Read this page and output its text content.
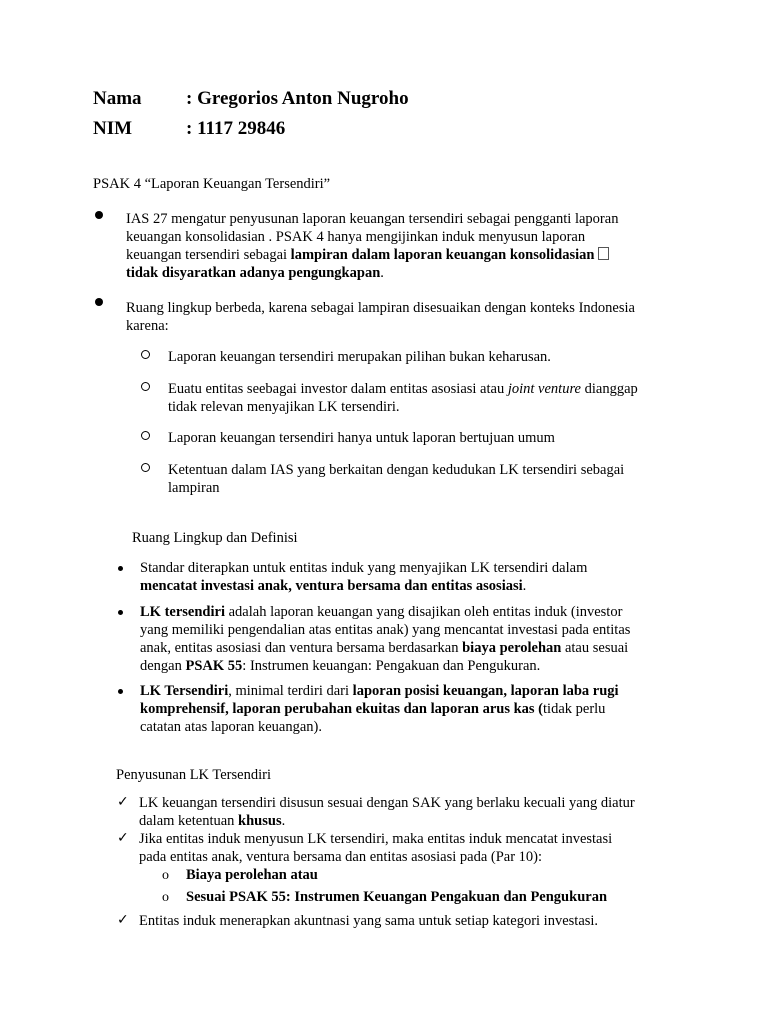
Nama : Gregorios Anton Nugroho
NIM	: 1117 29846
PSAK 4 “Laporan Keuangan Tersendiri”
IAS 27 mengatur penyusunan laporan keuangan tersendiri sebagai pengganti laporan
keuangan konsolidasian . PSAK 4 hanya mengijinkan induk menyusun laporan
keuangan tersendiri sebagai lampiran dalam laporan keuangan konsolidasian
tidak disyaratkan adanya pengungkapan.
Ruang lingkup berbeda, karena sebagai lampiran disesuaikan dengan konteks Indonesia
karena:
Laporan keuangan tersendiri merupakan pilihan bukan keharusan.
Euatu entitas seebagai investor dalam entitas asosiasi atau joint venture dianggap
tidak relevan menyajikan LK tersendiri.
Laporan keuangan tersendiri hanya untuk laporan bertujuan umum
Ketentuan dalam IAS yang berkaitan dengan kedudukan LK tersendiri sebagai
lampiran
Ruang Lingkup dan Definisi
Standar diterapkan untuk entitas induk yang menyajikan LK tersendiri dalam
mencatat investasi anak, ventura bersama dan entitas asosiasi.
LK tersendiri adalah laporan keuangan yang disajikan oleh entitas induk (investor
yang memiliki pengendalian atas entitas anak) yang mencantat investasi pada entitas
anak, entitas asosiasi dan ventura bersama berdasarkan biaya perolehan atau sesuai
dengan PSAK 55: Instrumen keuangan: Pengakuan dan Pengukuran.
LK Tersendiri, minimal terdiri dari laporan posisi keuangan, laporan laba rugi
komprehensif, laporan perubahan ekuitas dan laporan arus kas (tidak perlu
catatan atas laporan keuangan).
Penyusunan LK Tersendiri
✓ LK keuangan tersendiri disusun sesuai dengan SAK yang berlaku kecuali yang diatur
dalam ketentuan khusus.
✓ Jika entitas induk menyusun LK tersendiri, maka entitas induk mencatat investasi
pada entitas anak, ventura bersama dan entitas asosiasi pada (Par 10):
o Biaya perolehan atau
o Sesuai PSAK 55: Instrumen Keuangan Pengakuan dan Pengukuran
✓ Entitas induk menerapkan akuntnasi yang sama untuk setiap kategori investasi.
